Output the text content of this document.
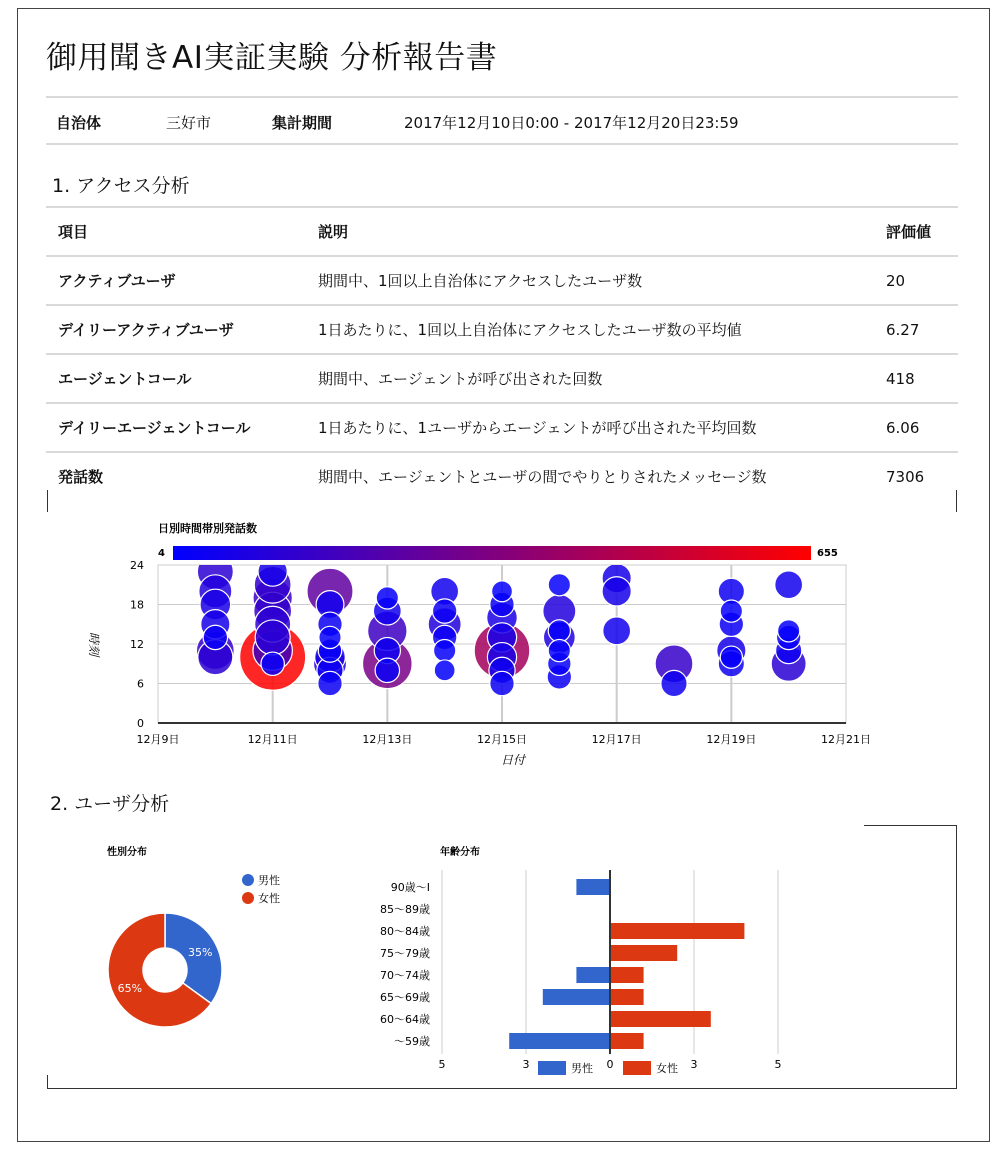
御用聞きAI実証実験 分析報告書
自治体	三好市	集計期間	2017年12月10日0:00 - 2017年12月20日23:59
1. アクセス分析
項目	説明	評価値
アクティブユーザ	期間中、1回以上自治体にアクセスしたユーザ数	20
デイリーアクティブユーザ	1日あたりに、1回以上自治体にアクセスしたユーザ数の平均値	6.27
エージェントコール	期間中、エージェントが呼び出された回数	418
デイリーエージェントコール	1日あたりに、1ユーザからエージェントが呼び出された平均回数	6.06
発話数	期間中、エージェントとユーザの間でやりとりされたメッセージ数	7306
日別時間帯別発話数
4	655
0
6
12
18
24
12月9日	12月11日	12月13日	12月15日	12月17日	12月19日	12月21日
日付
時刻
2. ユーザ分析
性別分布
35%
65%
男性
女性
年齢分布
5	3	0	3	5
90歳〜I
85〜89歳
80〜84歳
75〜79歳
70〜74歳
65〜69歳
60〜64歳
〜59歳
男性	女性
